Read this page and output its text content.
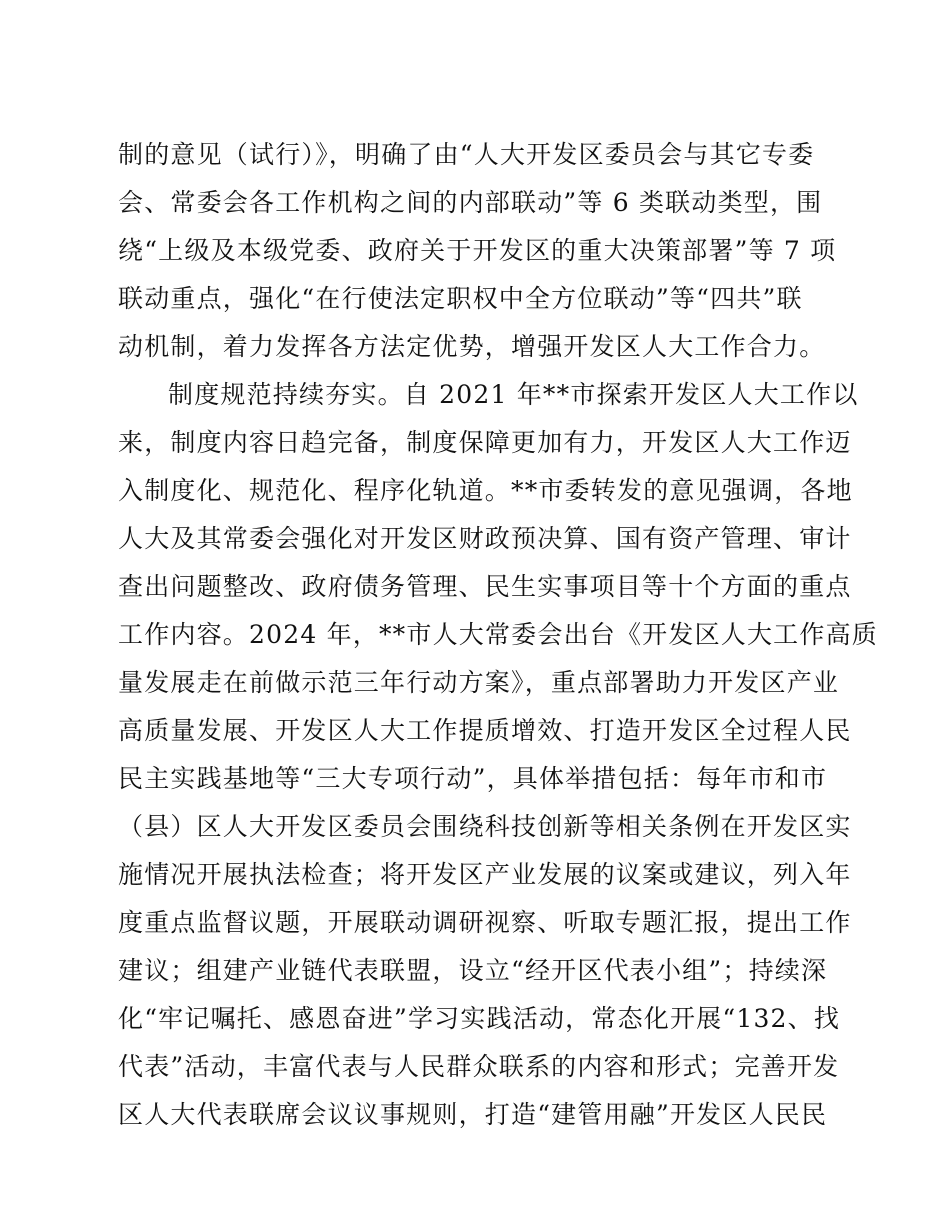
制的意见（试行）》，明确了由“人大开发区委员会与其它专委
会、常委会各工作机构之间的内部联动”等 6 类联动类型，围
绕“上级及本级党委、政府关于开发区的重大决策部署”等 7 项
联动重点，强化“在行使法定职权中全方位联动”等“四共”联
动机制，着力发挥各方法定优势，增强开发区人大工作合力。
制度规范持续夯实。自 2021 年**市探索开发区人大工作以
来，制度内容日趋完备，制度保障更加有力，开发区人大工作迈
入制度化、规范化、程序化轨道。**市委转发的意见强调，各地
人大及其常委会强化对开发区财政预决算、国有资产管理、审计
查出问题整改、政府债务管理、民生实事项目等十个方面的重点
工作内容。2024 年，**市人大常委会出台《开发区人大工作高质
量发展走在前做示范三年行动方案》，重点部署助力开发区产业
高质量发展、开发区人大工作提质增效、打造开发区全过程人民
民主实践基地等“三大专项行动”，具体举措包括：每年市和市
（县）区人大开发区委员会围绕科技创新等相关条例在开发区实
施情况开展执法检查；将开发区产业发展的议案或建议，列入年
度重点监督议题，开展联动调研视察、听取专题汇报，提出工作
建议；组建产业链代表联盟，设立“经开区代表小组”；持续深
化“牢记嘱托、感恩奋进”学习实践活动，常态化开展“132、找
代表”活动，丰富代表与人民群众联系的内容和形式；完善开发
区人大代表联席会议议事规则，打造“建管用融”开发区人民民
